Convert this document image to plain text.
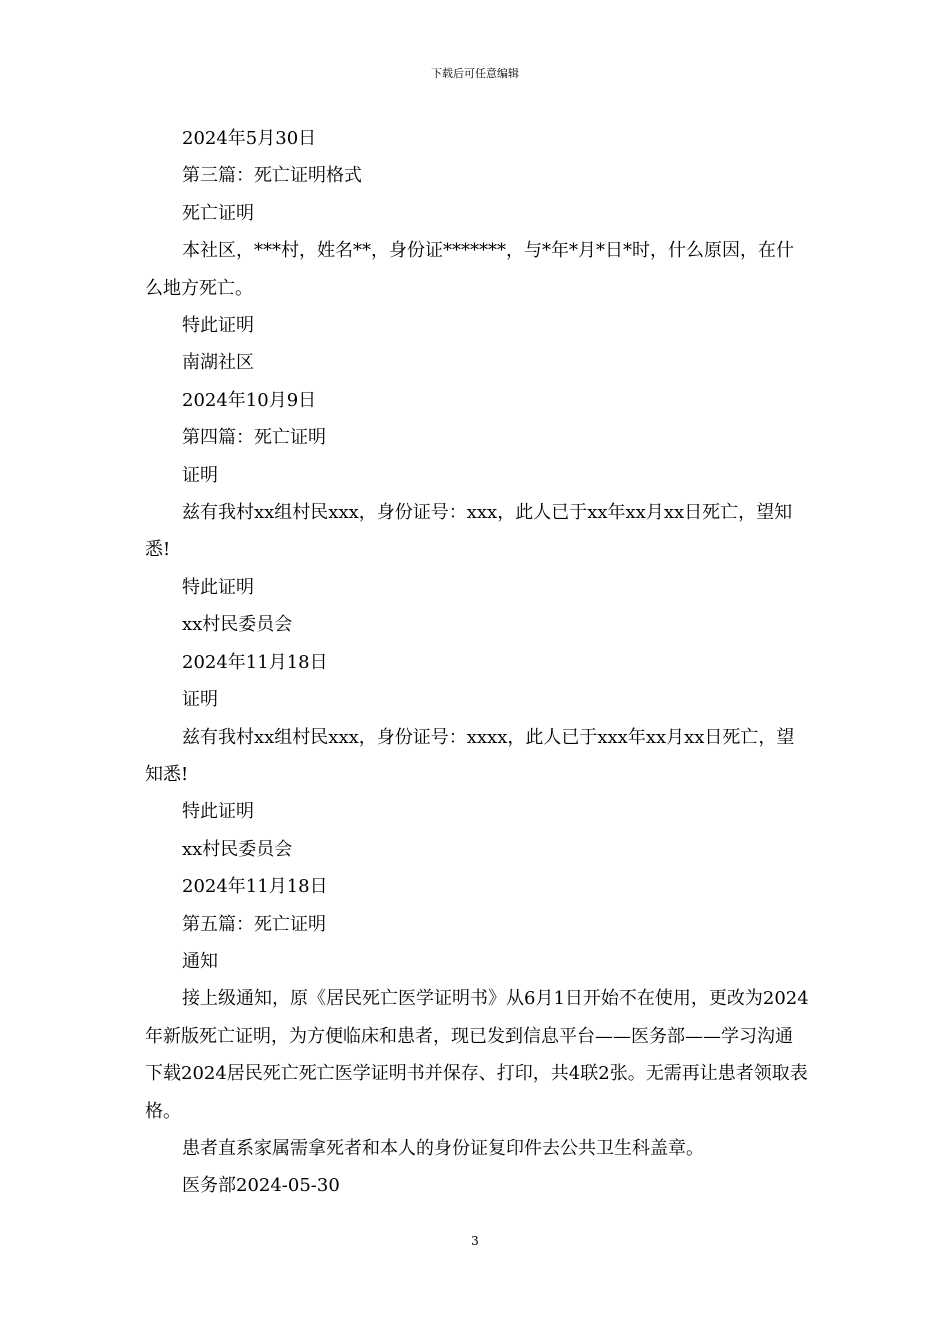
下载后可任意编辑
2024年5月30日
第三篇：死亡证明格式
死亡证明
本社区，***村，姓名**，身份证*******，与*年*月*日*时，什么原因，在什么地方死亡。
特此证明
南湖社区
2024年10月9日
第四篇：死亡证明
证明
兹有我村xx组村民xxx，身份证号：xxx，此人已于xx年xx月xx日死亡，望知悉!
特此证明
xx村民委员会
2024年11月18日
证明
兹有我村xx组村民xxx，身份证号：xxxx，此人已于xxx年xx月xx日死亡，望知悉!
特此证明
xx村民委员会
2024年11月18日
第五篇：死亡证明
通知
接上级通知，原《居民死亡医学证明书》从6月1日开始不在使用，更改为2024年新版死亡证明，为方便临床和患者，现已发到信息平台——医务部——学习沟通下载2024居民死亡死亡医学证明书并保存、打印，共4联2张。无需再让患者领取表格。
患者直系家属需拿死者和本人的身份证复印件去公共卫生科盖章。
医务部2024-05-30
3
